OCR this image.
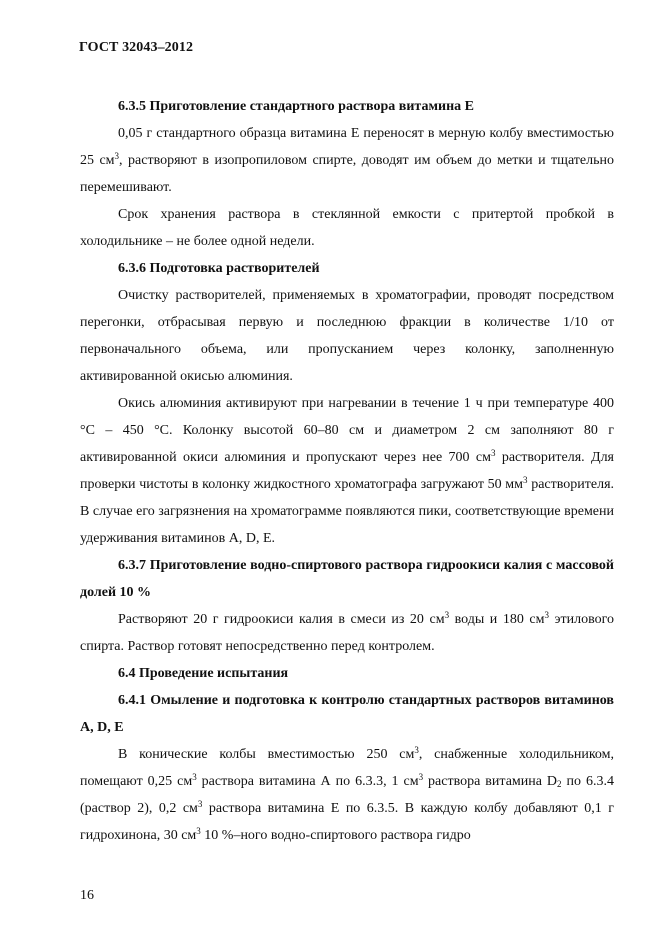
ГОСТ 32043–2012
6.3.5 Приготовление стандартного раствора витамина Е

0,05 г стандартного образца витамина Е переносят в мерную колбу вместимостью 25 $см^3$, растворяют в изопропиловом спирте, доводят им объем до метки и тщательно перемешивают.

Срок хранения раствора в стеклянной емкости с притертой пробкой в холодильнике – не более одной недели.

6.3.6 Подготовка растворителей

Очистку растворителей, применяемых в хроматографии, проводят посредством перегонки, отбрасывая первую и последнюю фракции в количестве 1/10 от первоначального объема, или пропусканием через колонку, заполненную активированной окисью алюминия.

Окись алюминия активируют при нагревании в течение 1 ч при температуре 400 °С – 450 °С. Колонку высотой 60–80 см и диаметром 2 см заполняют 80 г активированной окиси алюминия и пропускают через нее 700 $см^3$ растворителя. Для проверки чистоты в колонку жидкостного хроматографа загружают 50 $мм^3$ растворителя. В случае его загрязнения на хроматограмме появляются пики, соответствующие времени удерживания витаминов А, D, Е.

6.3.7 Приготовление водно-спиртового раствора гидроокиси калия с массовой долей 10 %

Растворяют 20 г гидроокиси калия в смеси из 20 $см^3$ воды и 180 $см^3$ этилового спирта. Раствор готовят непосредственно перед контролем.

6.4 Проведение испытания
6.4.1 Омыление и подготовка к контролю стандартных растворов витаминов А, D, Е

В конические колбы вместимостью 250 $см^3$, снабженные холодильником, помещают 0,25 $см^3$ раствора витамина А по 6.3.3, 1 $см^3$ раствора витамина $D_2$ по 6.3.4 (раствор 2), 0,2 $см^3$ раствора витамина Е по 6.3.5. В каждую колбу добавляют 0,1 г гидрохинона, 30 $см^3$ 10 %–ного водно-спиртового раствора гидро

16
